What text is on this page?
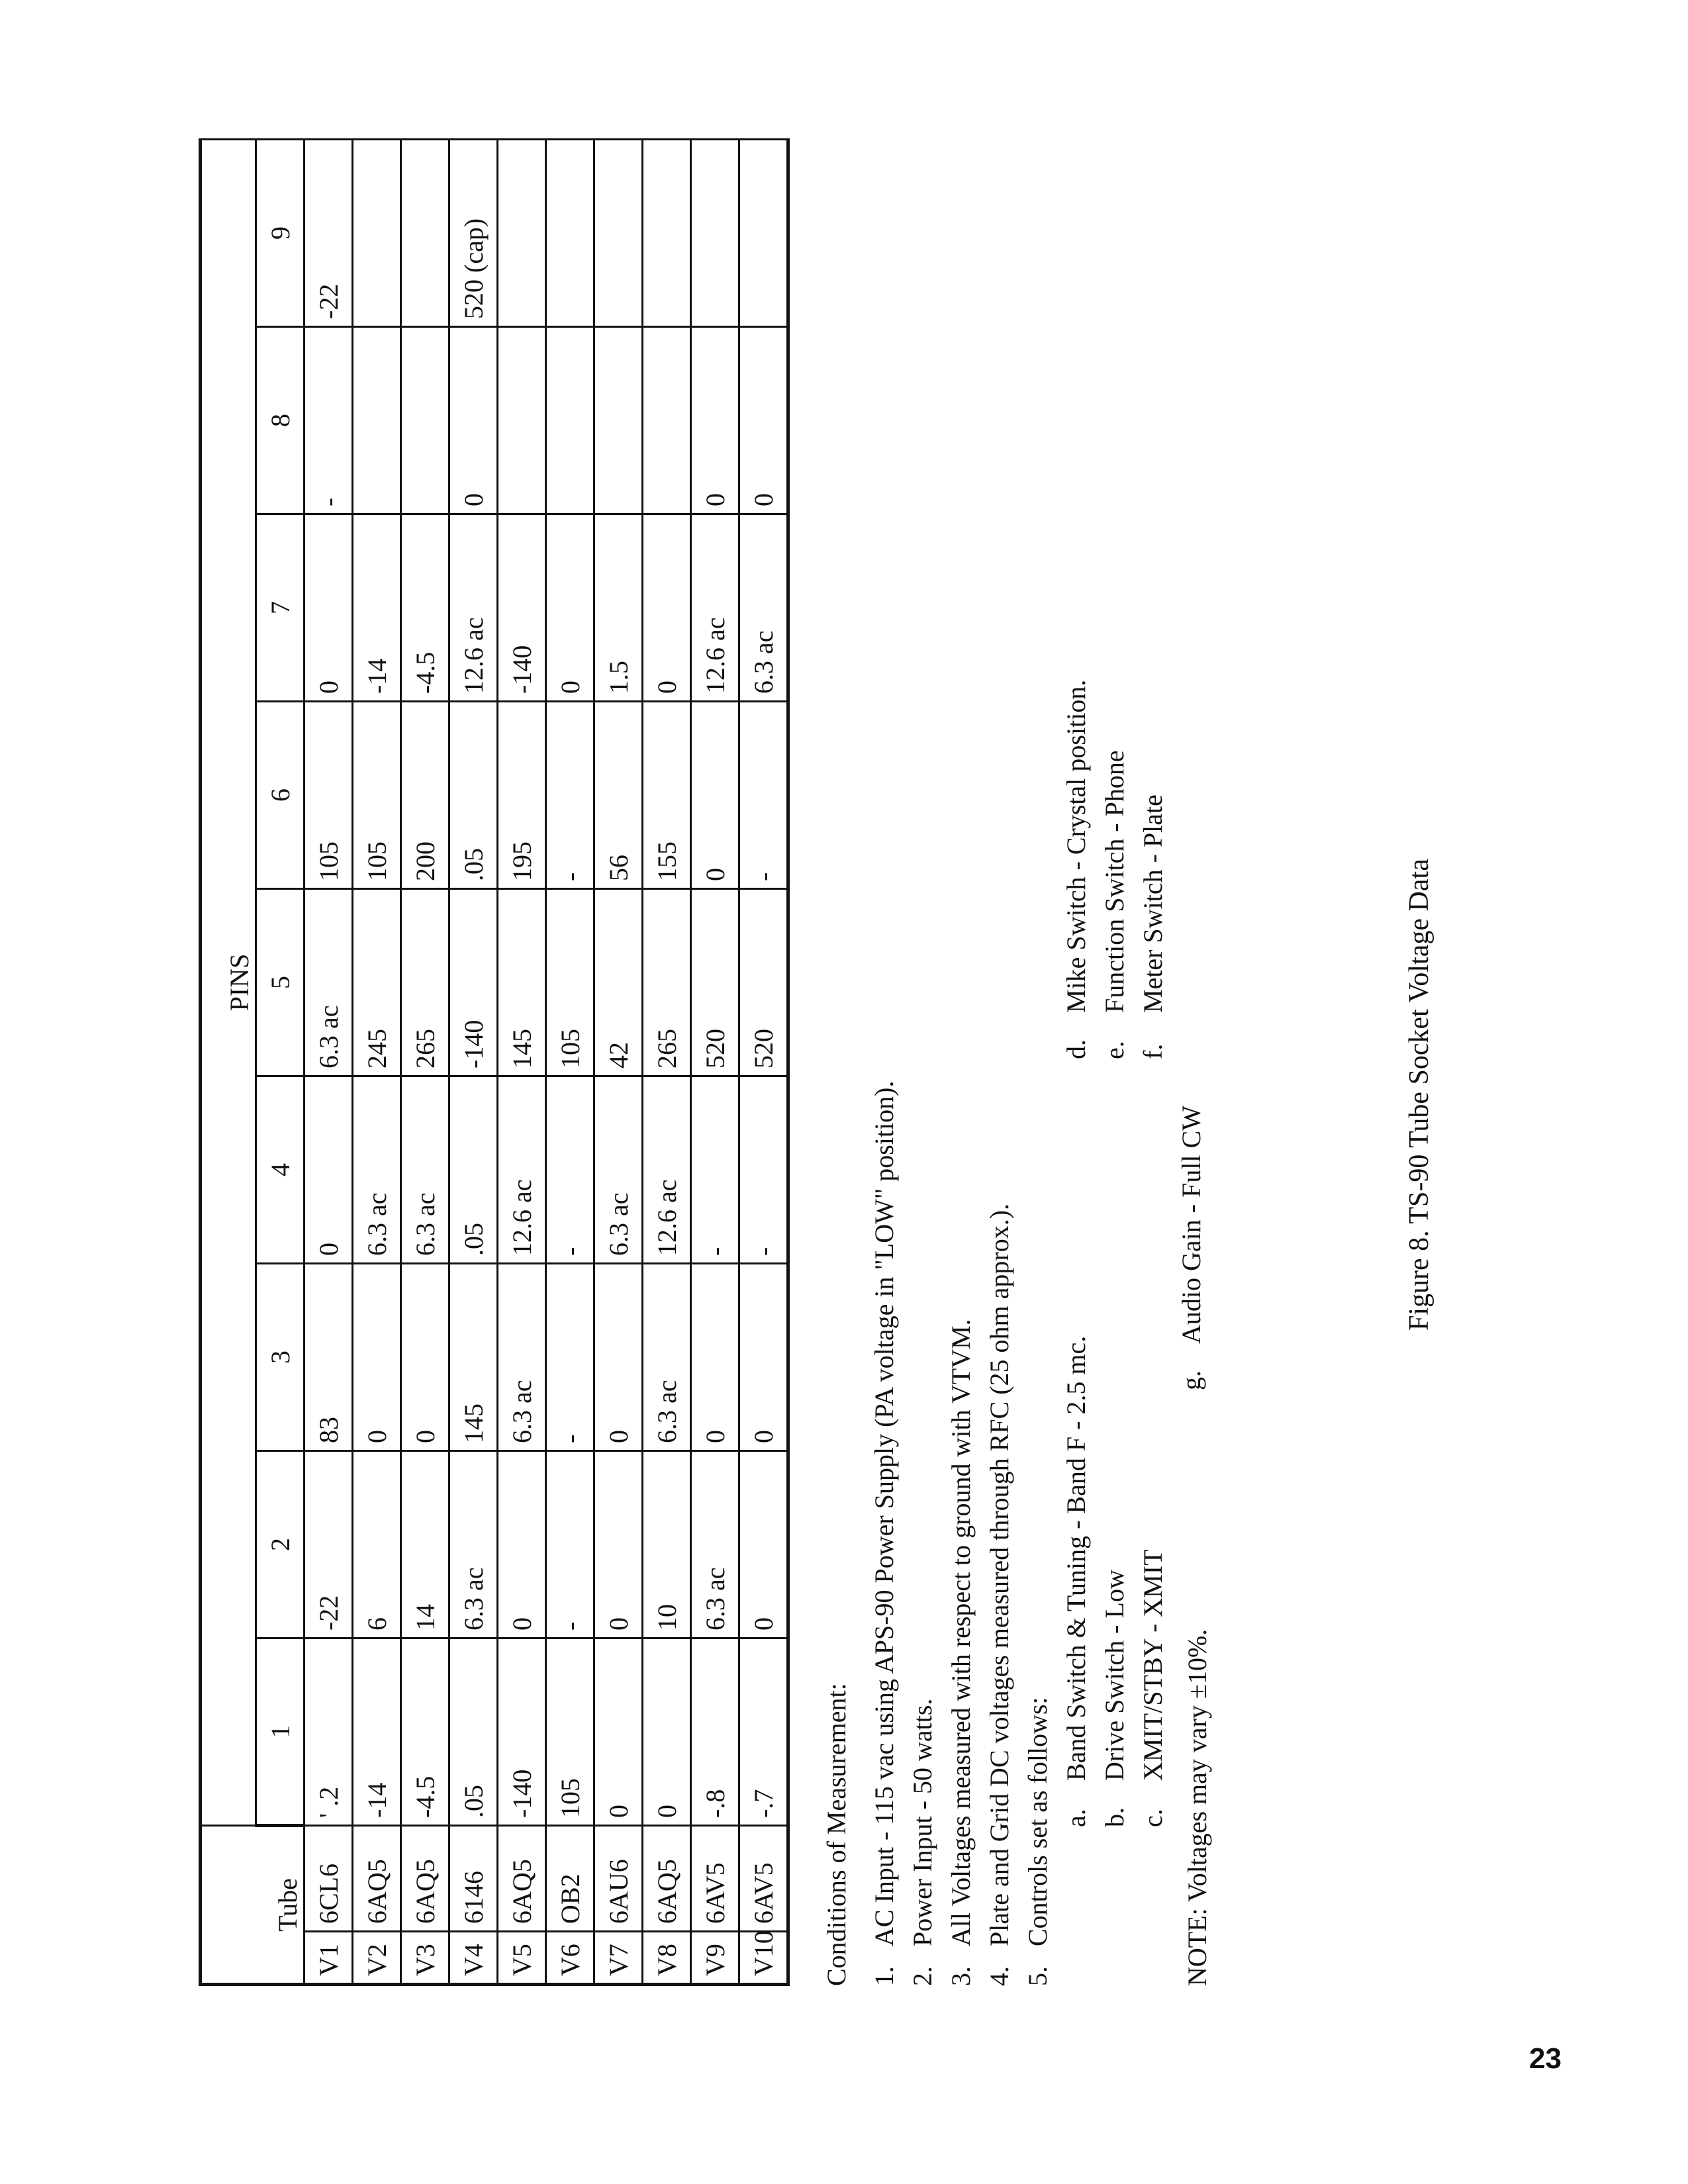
Tube		PINS								
		1	2	3	4	5	6	7	8	9
V1	6CL6	' .2	-22	83	0	6.3 ac	105	0	-	-22
V2	6AQ5	-14	6	0	6.3 ac	245	105	-14		
V3	6AQ5	-4.5	14	0	6.3 ac	265	200	-4.5		
V4	6146	.05	6.3 ac	145	.05	-140	.05	12.6 ac	0	520 (cap)
V5	6AQ5	-140	0	6.3 ac	12.6 ac	145	195	-140		
V6	OB2	105	-	-	-	105	-	0		
V7	6AU6	0	0	0	6.3 ac	42	56	1.5		
V8	6AQ5	0	10	6.3 ac	12.6 ac	265	155	0		
V9	6AV5	-.8	6.3 ac	0	-	520	0	12.6 ac	0	
V10	6AV5	-.7	0	0	-	520	-	6.3 ac	0	
Conditions of Measurement: 1.
AC Input - 115 vac using APS-90 Power Supply (PA voltage in "LOW" position).
2.
Power Input - 50 watts.
3.
All Voltages measured with respect to ground with VTVM.
4.
Plate and Grid DC voltages measured through RFC (25 ohm approx.).
5.
Controls set as follows: a.Band Switch & Tuning - Band F - 2.5 mc.
b.Drive Switch - Low
c.XMIT/STBY - XMIT
d.Mike Switch - Crystal position.
e.Function Switch - Phone
f.Meter Switch - Plate
g.Audio Gain - Full CW
NOTE: Voltages may vary ±10%.
Figure 8. TS-90 Tube Socket Voltage Data
23
